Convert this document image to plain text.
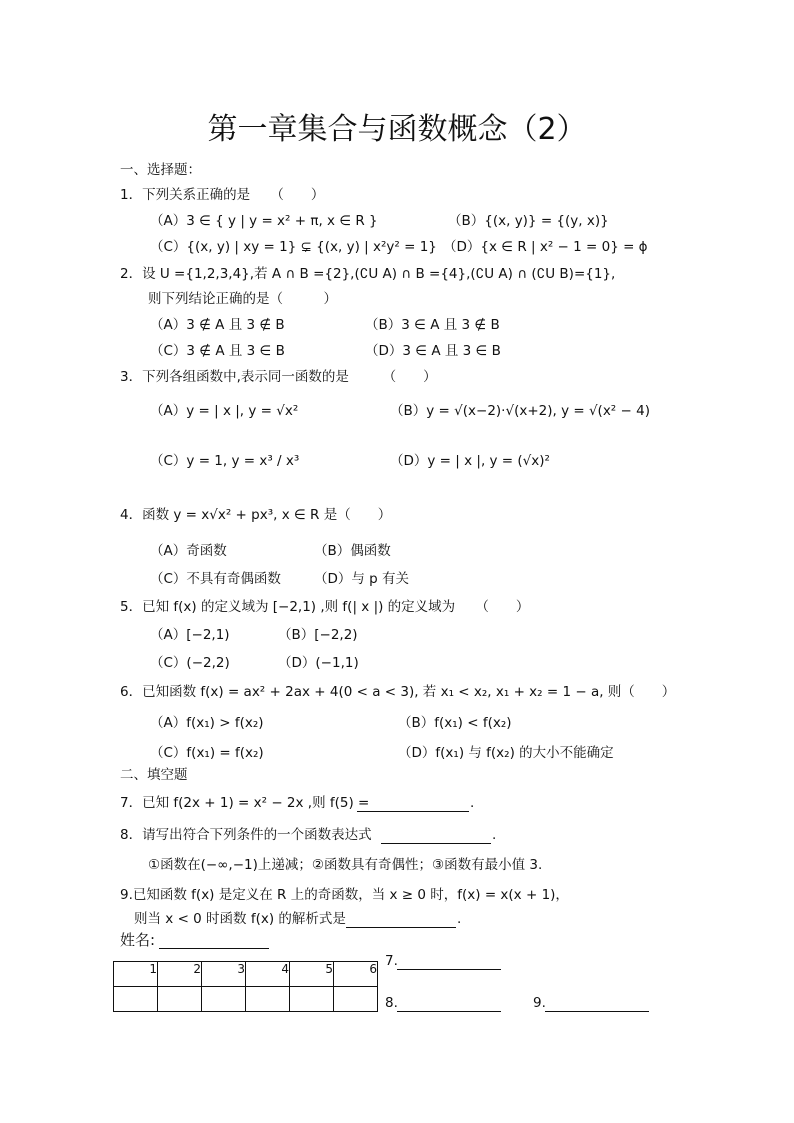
第一章集合与函数概念（2）
一、选择题：
1．下列关系正确的是　　（　　）
（A）3 ∈ { y | y = x² + π, x ∈ R }	（B）{(x, y)} = {(y, x)}
（C）{(x, y) | xy = 1} ⊊ {(x, y) | x²y² = 1} （D）{x ∈ R | x² − 1 = 0} = ϕ
2．设 U ={1,2,3,4},若 A ∩ B ={2},(∁U A) ∩ B ={4},(∁U A) ∩ (∁U B)={1},
则下列结论正确的是（　　　）
（A）3 ∉ A 且 3 ∉ B	（B）3 ∈ A 且 3 ∉ B
（C）3 ∉ A 且 3 ∈ B	（D）3 ∈ A 且 3 ∈ B
3．下列各组函数中,表示同一函数的是　　　（　　）
（A）y = | x |, y = √x²	（B）y = √(x−2)·√(x+2), y = √(x² − 4)
（C）y = 1, y = x³ / x³	（D）y = | x |, y = (√x)²
4．函数 y = x√x² + px³, x ∈ R 是（　　）
（A）奇函数	（B）偶函数
（C）不具有奇偶函数 （D）与 p 有关
5．已知 f(x) 的定义域为 [−2,1) ,则 f(| x |) 的定义域为　　（　　）
（A）[−2,1)	（B）[−2,2)
（C）(−2,2)	（D）(−1,1)
6．已知函数 f(x) = ax² + 2ax + 4(0 < a < 3), 若 x₁ < x₂, x₁ + x₂ = 1 − a, 则（　　）
（A）f(x₁) > f(x₂)	（B）f(x₁) < f(x₂)
（C）f(x₁) = f(x₂)	（D）f(x₁) 与 f(x₂) 的大小不能确定
二、填空题
7．已知 f(2x + 1) = x² − 2x ,则 f(5) =	.
8．请写出符合下列条件的一个函数表达式	.
①函数在(−∞,−1)上递减；②函数具有奇偶性；③函数有最小值 3.
9.已知函数 f(x) 是定义在 R 上的奇函数，当 x ≥ 0 时，f(x) = x(x + 1)，
则当 x < 0 时函数 f(x) 的解析式是	.
姓名:
1	2	3	4	5	6
					7.
8.	9.
